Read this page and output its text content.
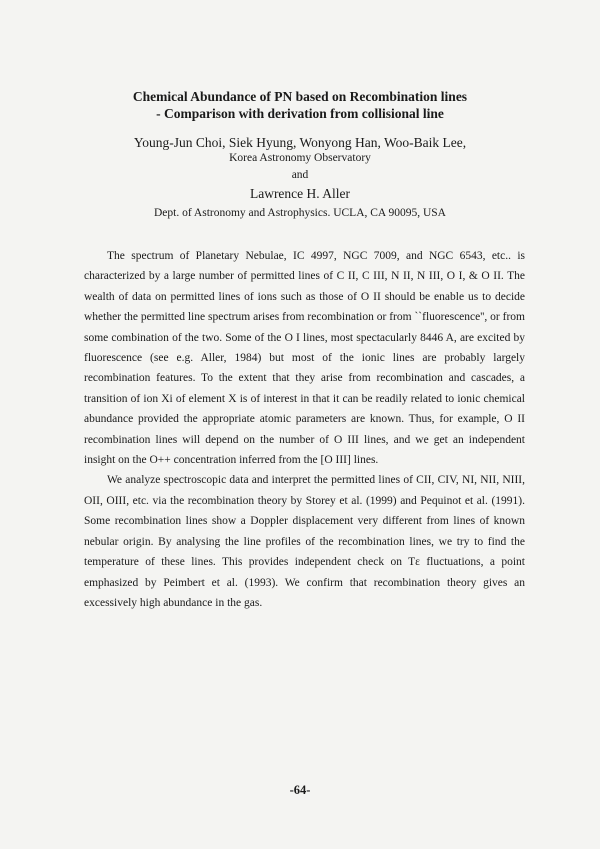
Chemical Abundance of PN based on Recombination lines
- Comparison with derivation from collisional line
Young-Jun Choi, Siek Hyung, Wonyong Han, Woo-Baik Lee,
Korea Astronomy Observatory
and
Lawrence H. Aller
Dept. of Astronomy and Astrophysics. UCLA, CA 90095, USA

The spectrum of Planetary Nebulae, IC 4997, NGC 7009, and NGC 6543, etc.. is characterized by a large number of permitted lines of C II, C III, N II, N III, O I, & O II. The wealth of data on permitted lines of ions such as those of O II should be enable us to decide whether the permitted line spectrum arises from recombination or from ``fluorescence'', or from some combination of the two. Some of the O I lines, most spectacularly 8446 A, are excited by fluorescence (see e.g. Aller, 1984) but most of the ionic lines are probably largely recombination features. To the extent that they arise from recombination and cascades, a transition of ion Xi of element X is of interest in that it can be readily related to ionic chemical abundance provided the appropriate atomic parameters are known. Thus, for example, O II recombination lines will depend on the number of O III lines, and we get an independent insight on the O++ concentration inferred from the [O III] lines.

We analyze spectroscopic data and interpret the permitted lines of CII, CIV, NI, NII, NIII, OII, OIII, etc. via the recombination theory by Storey et al. (1999) and Pequinot et al. (1991). Some recombination lines show a Doppler displacement very different from lines of known nebular origin. By analysing the line profiles of the recombination lines, we try to find the temperature of these lines. This provides independent check on Tε fluctuations, a point emphasized by Peimbert et al. (1993). We confirm that recombination theory gives an excessively high abundance in the gas.

-64-
